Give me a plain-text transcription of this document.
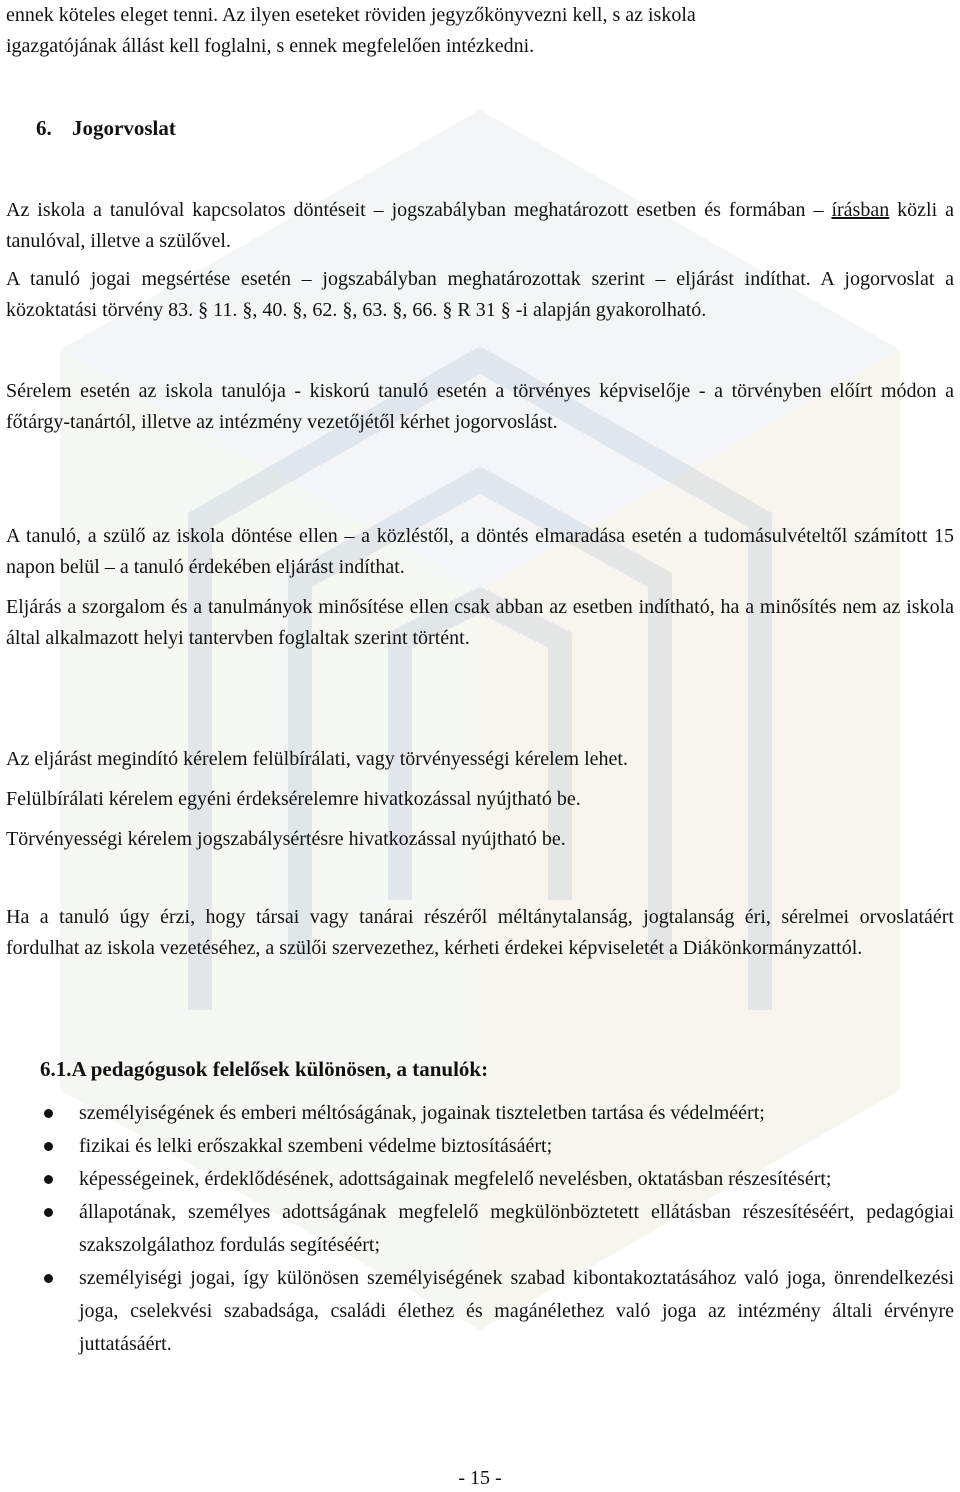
ennek köteles eleget tenni. Az ilyen eseteket röviden jegyzőkönyvezni kell, s az iskola

igazgatójának állást kell foglalni, s ennek megfelelően intézkedni.

6. Jogorvoslat

Az iskola a tanulóval kapcsolatos döntéseit – jogszabályban meghatározott esetben és formában – írásban közli a tanulóval, illetve a szülővel.

A tanuló jogai megsértése esetén – jogszabályban meghatározottak szerint – eljárást indíthat. A jogorvoslat a közoktatási törvény 83. § 11. §, 40. §, 62. §, 63. §, 66. § R 31 § -i alapján gyakorolható.

Sérelem esetén az iskola tanulója - kiskorú tanuló esetén a törvényes képviselője - a törvényben előírt módon a főtárgy-tanártól, illetve az intézmény vezetőjétől kérhet jogorvoslást.

A tanuló, a szülő az iskola döntése ellen – a közléstől, a döntés elmaradása esetén a tudomásulvételtől számított 15 napon belül – a tanuló érdekében eljárást indíthat.

Eljárás a szorgalom és a tanulmányok minősítése ellen csak abban az esetben indítható, ha a minősítés nem az iskola által alkalmazott helyi tantervben foglaltak szerint történt.

Az eljárást megindító kérelem felülbírálati, vagy törvényességi kérelem lehet.

Felülbírálati kérelem egyéni érdeksérelemre hivatkozással nyújtható be.

Törvényességi kérelem jogszabálysértésre hivatkozással nyújtható be.

Ha a tanuló úgy érzi, hogy társai vagy tanárai részéről méltánytalanság, jogtalanság éri, sérelmei orvoslatáért fordulhat az iskola vezetéséhez, a szülői szervezethez, kérheti érdekei képviseletét a Diákönkormányzattól.

6.1.A pedagógusok felelősek különösen, a tanulók:

személyiségének és emberi méltóságának, jogainak tiszteletben tartása és védelméért;
fizikai és lelki erőszakkal szembeni védelme biztosításáért;
képességeinek, érdeklődésének, adottságainak megfelelő nevelésben, oktatásban részesítésért;
állapotának, személyes adottságának megfelelő megkülönböztetett ellátásban részesítéséért, pedagógiai szakszolgálathoz fordulás segítéséért;
személyiségi jogai, így különösen személyiségének szabad kibontakoztatásához való joga, önrendelkezési joga, cselekvési szabadsága, családi élethez és magánélethez való joga az intézmény általi érvényre juttatásáért.
- 15 -
